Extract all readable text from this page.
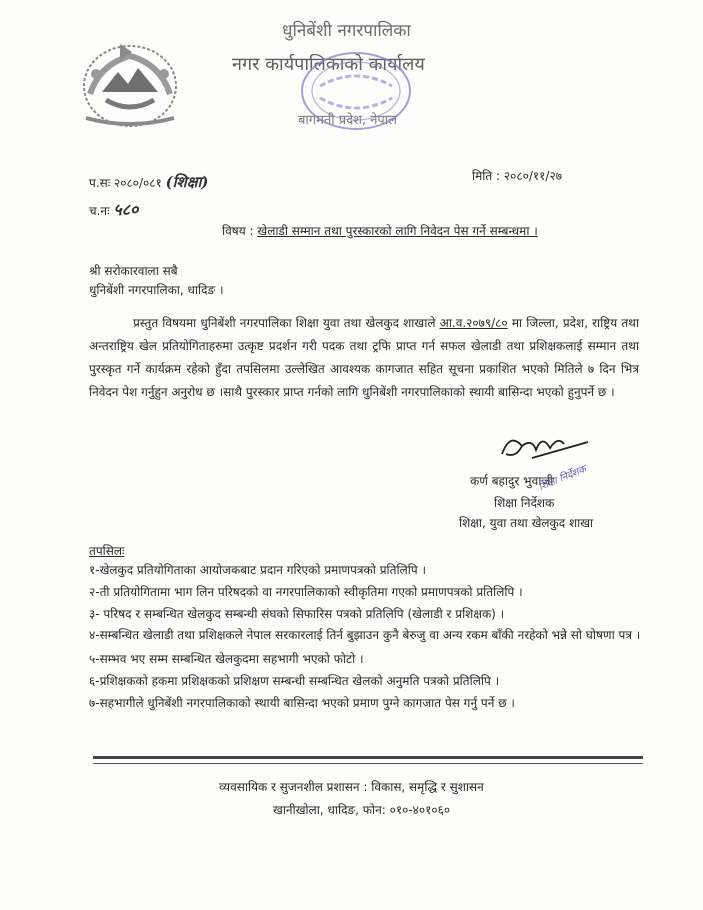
धुनिबेंशी नगरपालिका
नगर कार्यपालिकाको कार्यालय
बागमती प्रदेश, नेपाल
प.सः २०८०/०८१ (शिक्षा)
च.नः ५८०
मिति : २०८०/११/२७
विषय : खेलाडी सम्मान तथा पुरस्कारको लागि निवेदन पेस गर्ने सम्बन्धमा ।
श्री सरोकारवाला सबै
धुनिबेंशी नगरपालिका, धादिङ ।
प्रस्तुत विषयमा धुनिबेंशी नगरपालिका शिक्षा युवा तथा खेलकुद शाखाले आ.व.२०७९/८० मा जिल्ला, प्रदेश, राष्ट्रिय तथा अन्तराष्ट्रिय खेल प्रतियोगिताहरुमा उत्कृष्ट प्रदर्शन गरी पदक तथा ट्रफि प्राप्त गर्न सफल खेलाडी तथा प्रशिक्षकलाई सम्मान तथा पुरस्कृत गर्ने कार्यक्रम रहेको हुँदा तपसिलमा उल्लेखित आवश्यक कागजात सहित सूचना प्रकाशित भएको मितिले ७ दिन भित्र निवेदन पेश गर्नुहुन अनुरोध छ ।साथै पुरस्कार प्राप्त गर्नको लागि धुनिबेंशी नगरपालिकाको स्थायी बासिन्दा भएको हुनुपर्ने छ ।
कर्ण बहादुर भुवाजी
शिक्षा निर्देशक
शिक्षा, युवा तथा खेलकुद शाखा
शिक्षा निर्देशक
तपसिलः
१-खेलकुद प्रतियोगिताका आयोजकबाट प्रदान गरिएको प्रमाणपत्रको प्रतिलिपि ।
२-ती प्रतियोगितामा भाग लिन परिषदको वा नगरपालिकाको स्वीकृतिमा गएको प्रमाणपत्रको प्रतिलिपि ।
३- परिषद र सम्बन्धित खेलकुद सम्बन्धी संघको सिफारिस पत्रको प्रतिलिपि (खेलाडी र प्रशिक्षक) ।
४-सम्बन्धित खेलाडी तथा प्रशिक्षकले नेपाल सरकारलाई तिर्न बुझाउन कुनै बेरुजु वा अन्य रकम बाँकी नरहेको भन्ने सो घोषणा पत्र ।
५-सम्भव भए सम्म सम्बन्धित खेलकुदमा सहभागी भएको फोटो ।
६-प्रशिक्षकको हकमा प्रशिक्षकको प्रशिक्षण सम्बन्धी सम्बन्धित खेलको अनुमति पत्रको प्रतिलिपि ।
७-सहभागीले धुनिबेंशी नगरपालिकाको स्थायी बासिन्दा भएको प्रमाण पुग्ने कागजात पेस गर्नु पर्ने छ ।
व्यवसायिक र सुजनशील प्रशासन : विकास, समृद्धि र सुशासन
खानीखोला, धादिङ, फोन: ०१०-४०१०६०
